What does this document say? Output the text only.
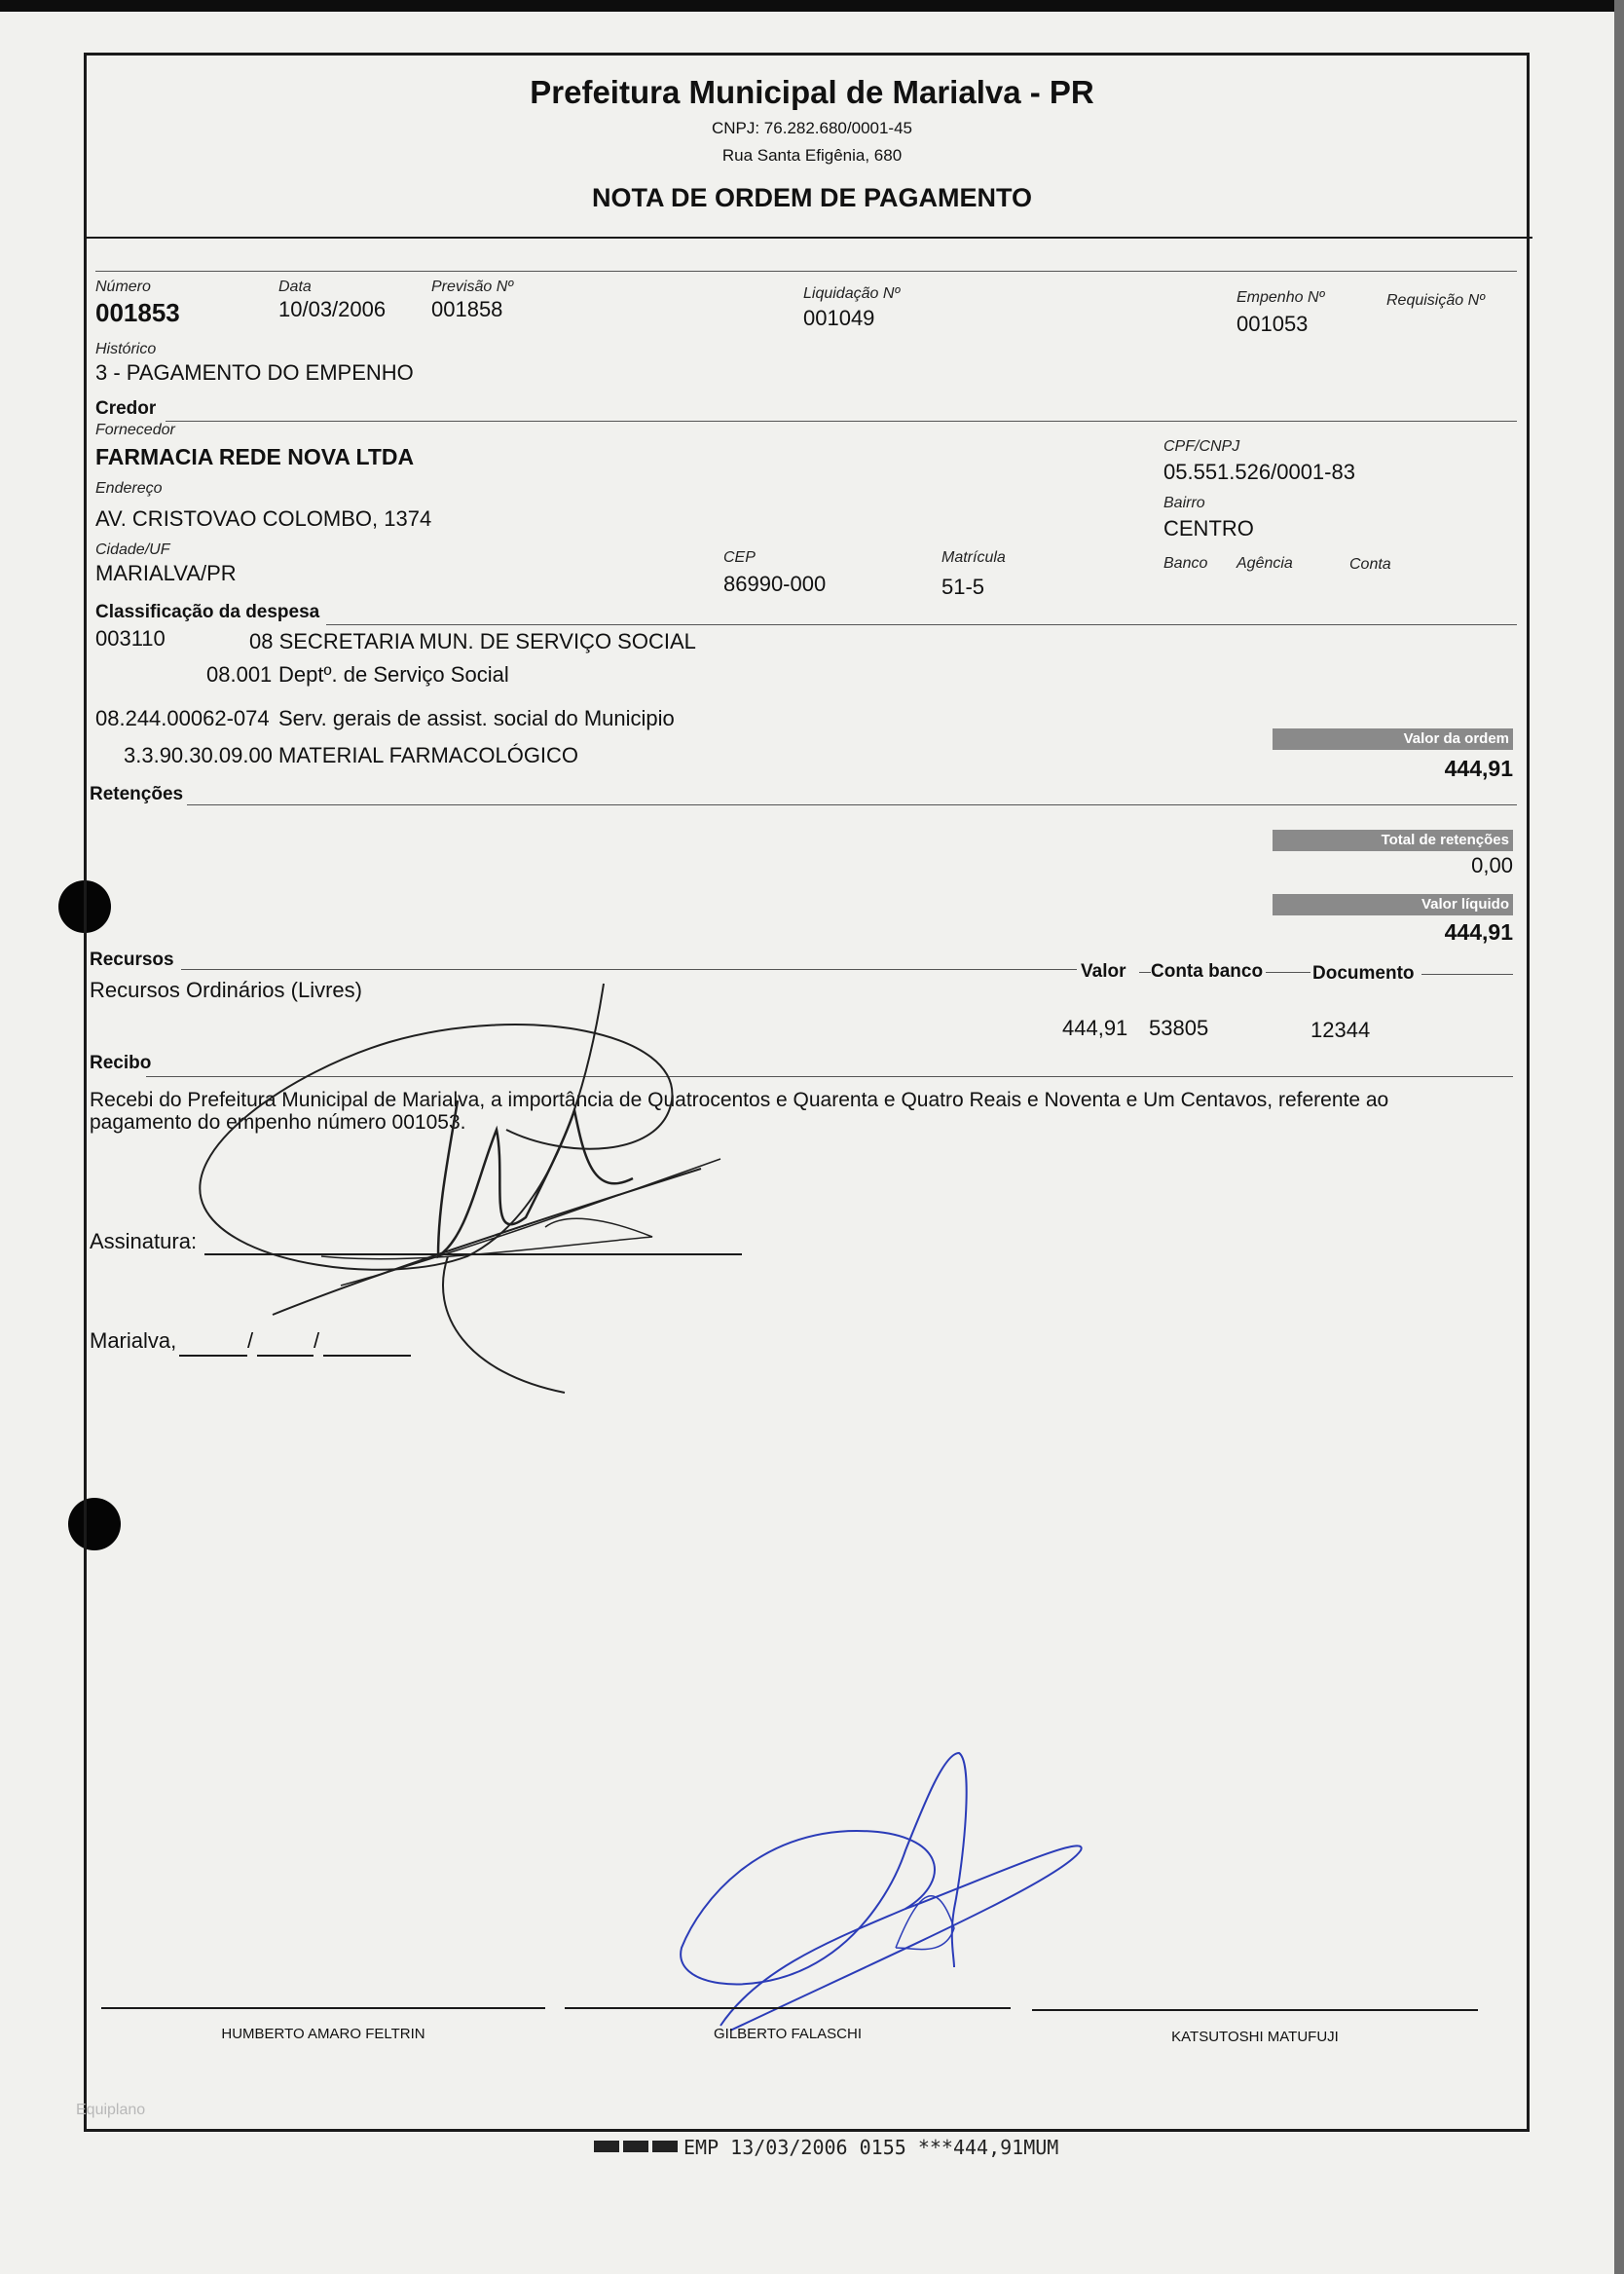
Prefeitura Municipal de Marialva - PR
CNPJ: 76.282.680/0001-45
Rua Santa Efigênia, 680
NOTA DE ORDEM DE PAGAMENTO
Número
001853
Data
10/03/2006
Previsão Nº
001858
Liquidação Nº
001049
Empenho Nº
001053
Requisição Nº
Histórico
3 - PAGAMENTO DO EMPENHO
Credor
Fornecedor
FARMACIA REDE NOVA LTDA	CPF/CNPJ
05.551.526/0001-83
Endereço
AV. CRISTOVAO COLOMBO, 1374
Bairro
CENTRO
Cidade/UF
MARIALVA/PR
CEP
86990-000
Matrícula
51-5
Banco Agência	Conta
Classificação da despesa
003110	08 SECRETARIA MUN. DE SERVIÇO SOCIAL
08.001 Deptº. de Serviço Social
08.244.00062-074 Serv. gerais de assist. social do Municipio
3.3.90.30.09.00 MATERIAL FARMACOLÓGICO
Valor da ordem
444,91
Total de retenções
0,00
Valor líquido
444,91
Retenções
Recursos
Valor Conta banco	Documento
Recursos Ordinários (Livres)
444,91 53805	12344
Recibo
Recebi do Prefeitura Municipal de Marialva, a importância de Quatrocentos e Quarenta e Quatro Reais e Noventa e Um Centavos, referente ao
pagamento do empenho número 001053.
Assinatura:
Marialva,	/	/
HUMBERTO AMARO FELTRIN	GILBERTO FALASCHI	KATSUTOSHI MATUFUJI
Equiplano
EMP 13/03/2006 0155 ***444,91MUM
